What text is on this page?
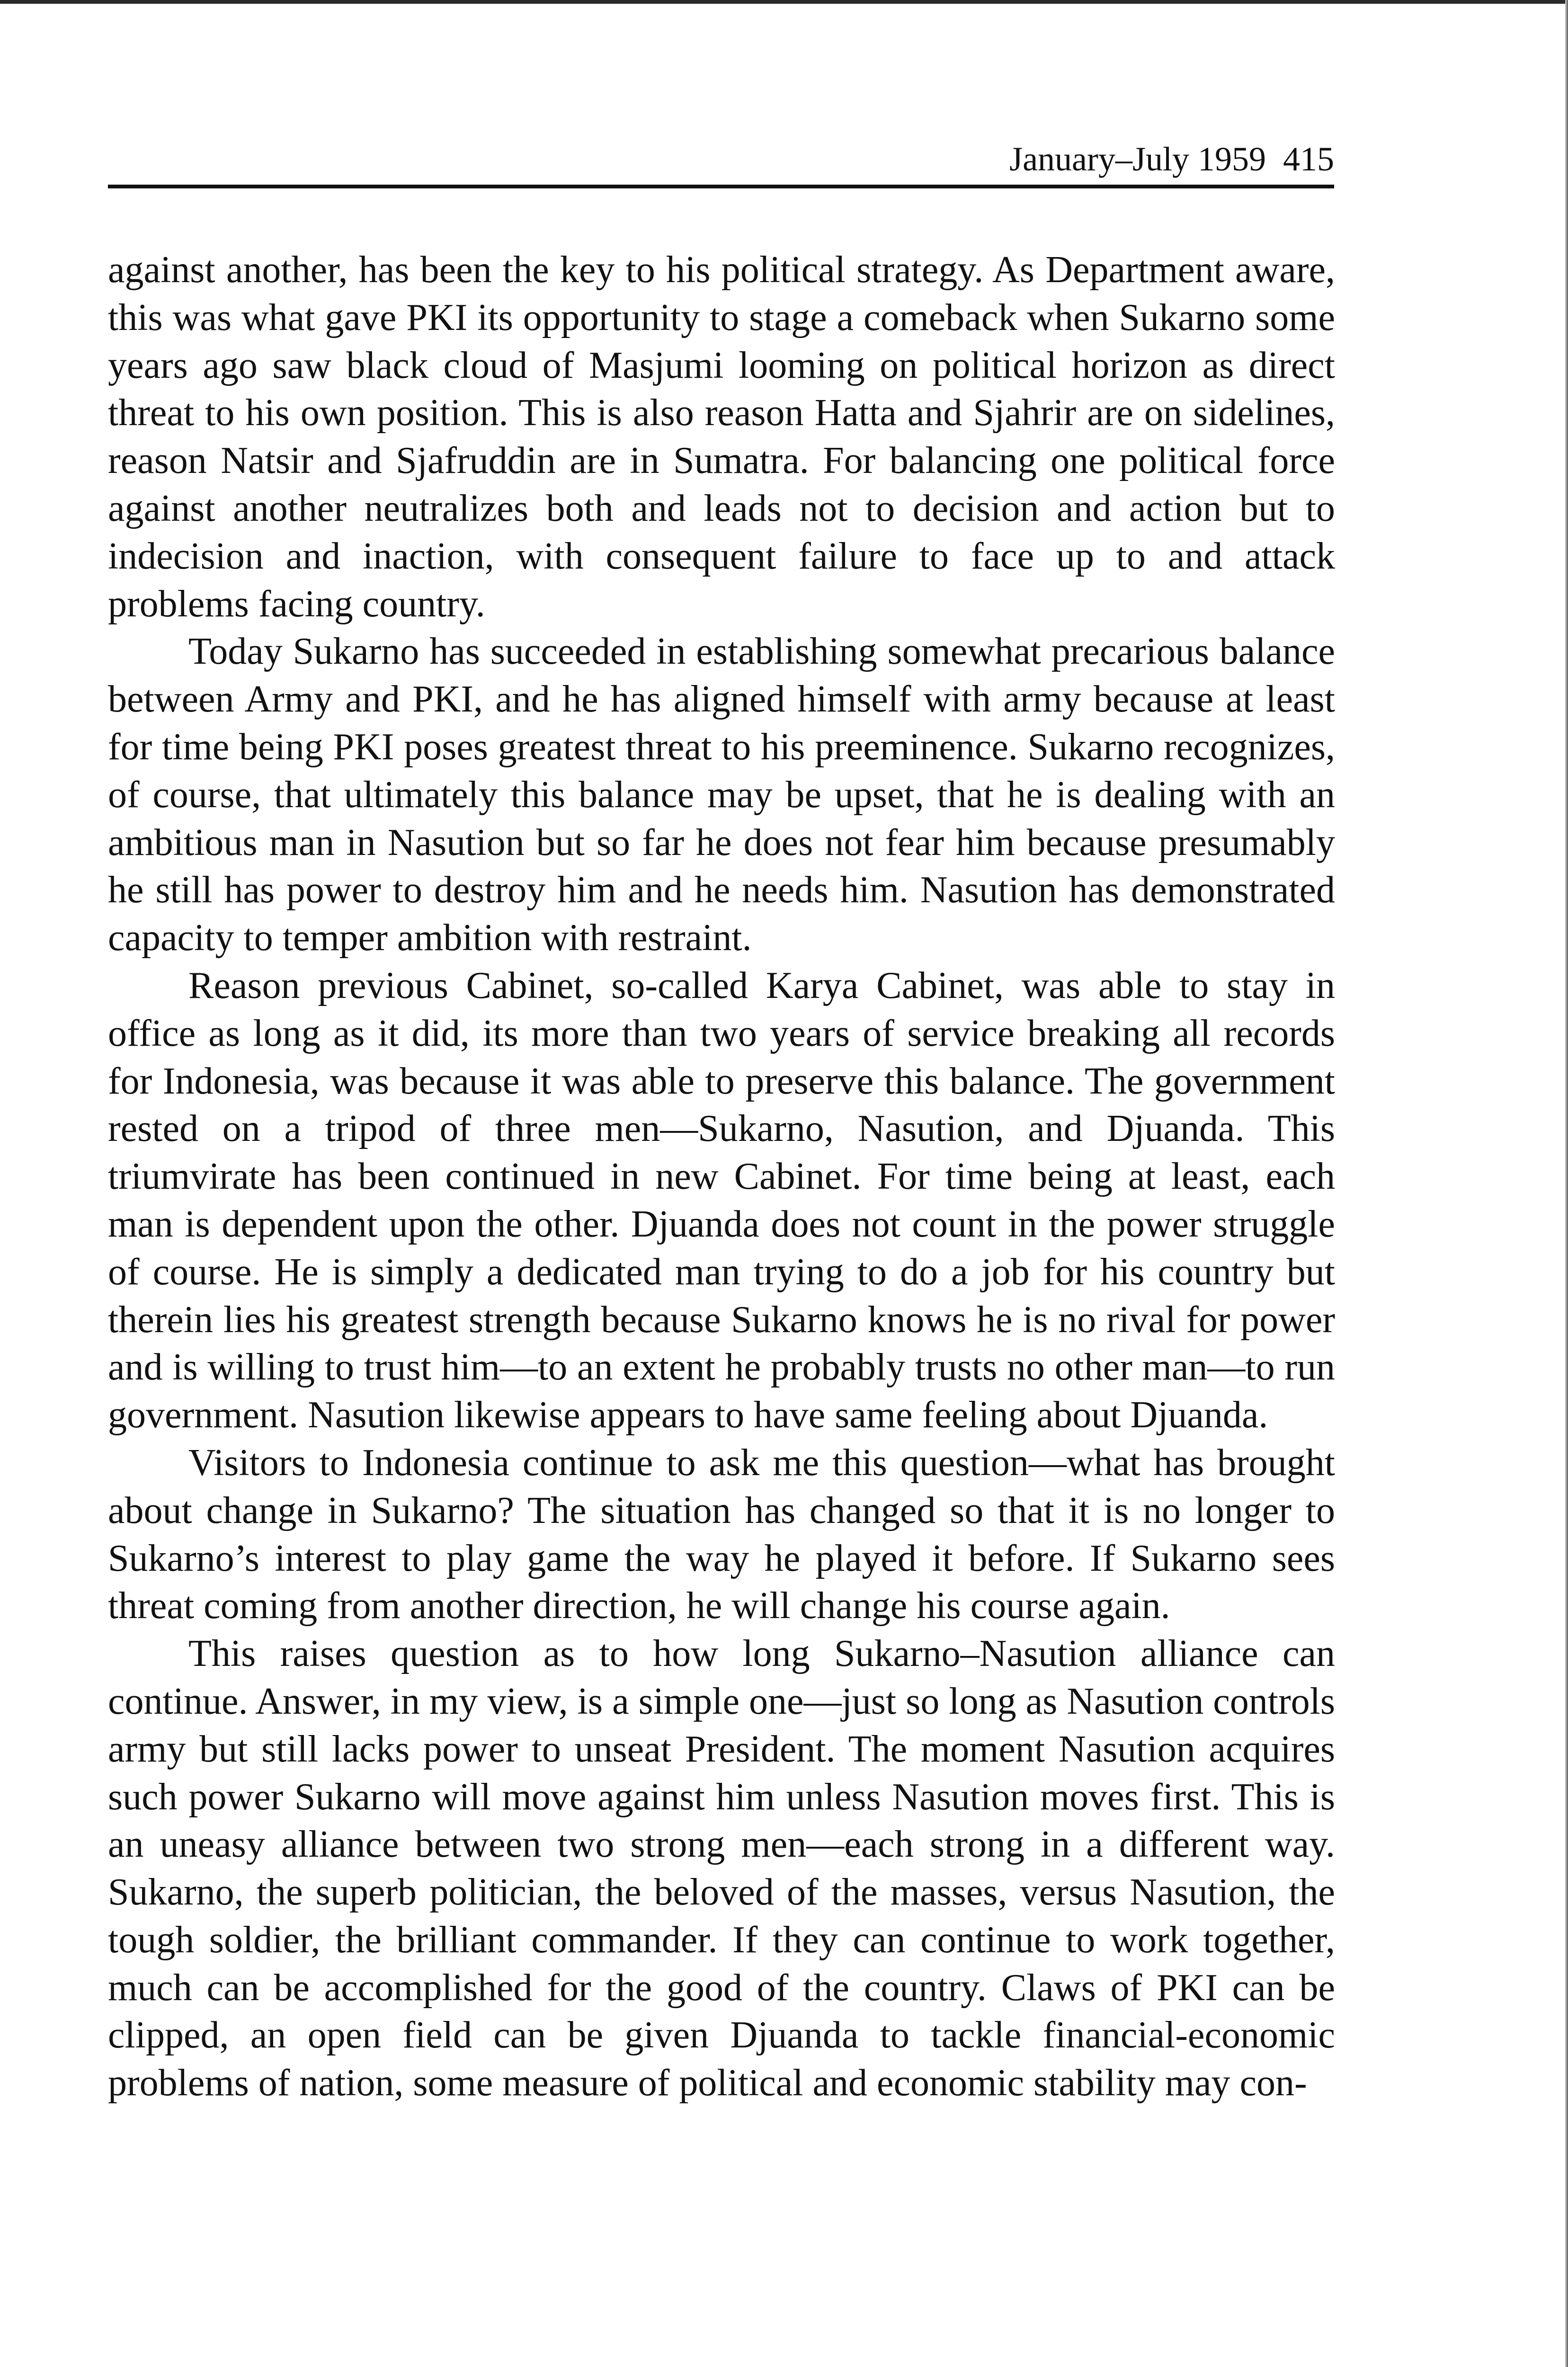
January–July 1959 415

against another, has been the key to his political strategy. As Department aware, this was what gave PKI its opportunity to stage a comeback when Sukarno some years ago saw black cloud of Masjumi looming on political horizon as direct threat to his own position. This is also reason Hatta and Sjahrir are on sidelines, reason Natsir and Sjafruddin are in Sumatra. For balancing one political force against another neutralizes both and leads not to decision and action but to indecision and inaction, with consequent failure to face up to and attack problems facing country.

Today Sukarno has succeeded in establishing somewhat precarious balance between Army and PKI, and he has aligned himself with army because at least for time being PKI poses greatest threat to his preeminence. Sukarno recognizes, of course, that ultimately this balance may be upset, that he is dealing with an ambitious man in Nasution but so far he does not fear him because presumably he still has power to destroy him and he needs him. Nasution has demonstrated capacity to temper ambition with restraint.

Reason previous Cabinet, so-called Karya Cabinet, was able to stay in office as long as it did, its more than two years of service breaking all records for Indonesia, was because it was able to preserve this balance. The government rested on a tripod of three men—Sukarno, Nasution, and Djuanda. This triumvirate has been continued in new Cabinet. For time being at least, each man is dependent upon the other. Djuanda does not count in the power struggle of course. He is simply a dedicated man trying to do a job for his country but therein lies his greatest strength because Sukarno knows he is no rival for power and is willing to trust him—to an extent he probably trusts no other man—to run government. Nasution likewise appears to have same feeling about Djuanda.

Visitors to Indonesia continue to ask me this question—what has brought about change in Sukarno? The situation has changed so that it is no longer to Sukarno’s interest to play game the way he played it before. If Sukarno sees threat coming from another direction, he will change his course again.

This raises question as to how long Sukarno–Nasution alliance can continue. Answer, in my view, is a simple one—just so long as Nasution controls army but still lacks power to unseat President. The moment Nasution acquires such power Sukarno will move against him unless Nasution moves first. This is an uneasy alliance between two strong men—each strong in a different way. Sukarno, the superb politician, the beloved of the masses, versus Nasution, the tough soldier, the brilliant commander. If they can continue to work together, much can be accomplished for the good of the country. Claws of PKI can be clipped, an open field can be given Djuanda to tackle financial-economic problems of nation, some measure of political and economic stability may con-
